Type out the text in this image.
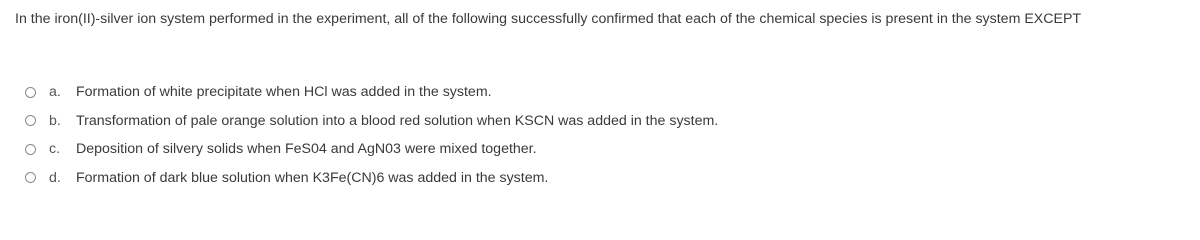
In the iron(II)-silver ion system performed in the experiment, all of the following successfully confirmed that each of the chemical species is present in the system EXCEPT
a.	Formation of white precipitate when HCl was added in the system.
b.	Transformation of pale orange solution into a blood red solution when KSCN was added in the system.
c.	Deposition of silvery solids when FeS04 and AgN03 were mixed together.
d.	Formation of dark blue solution when K3Fe(CN)6 was added in the system.
